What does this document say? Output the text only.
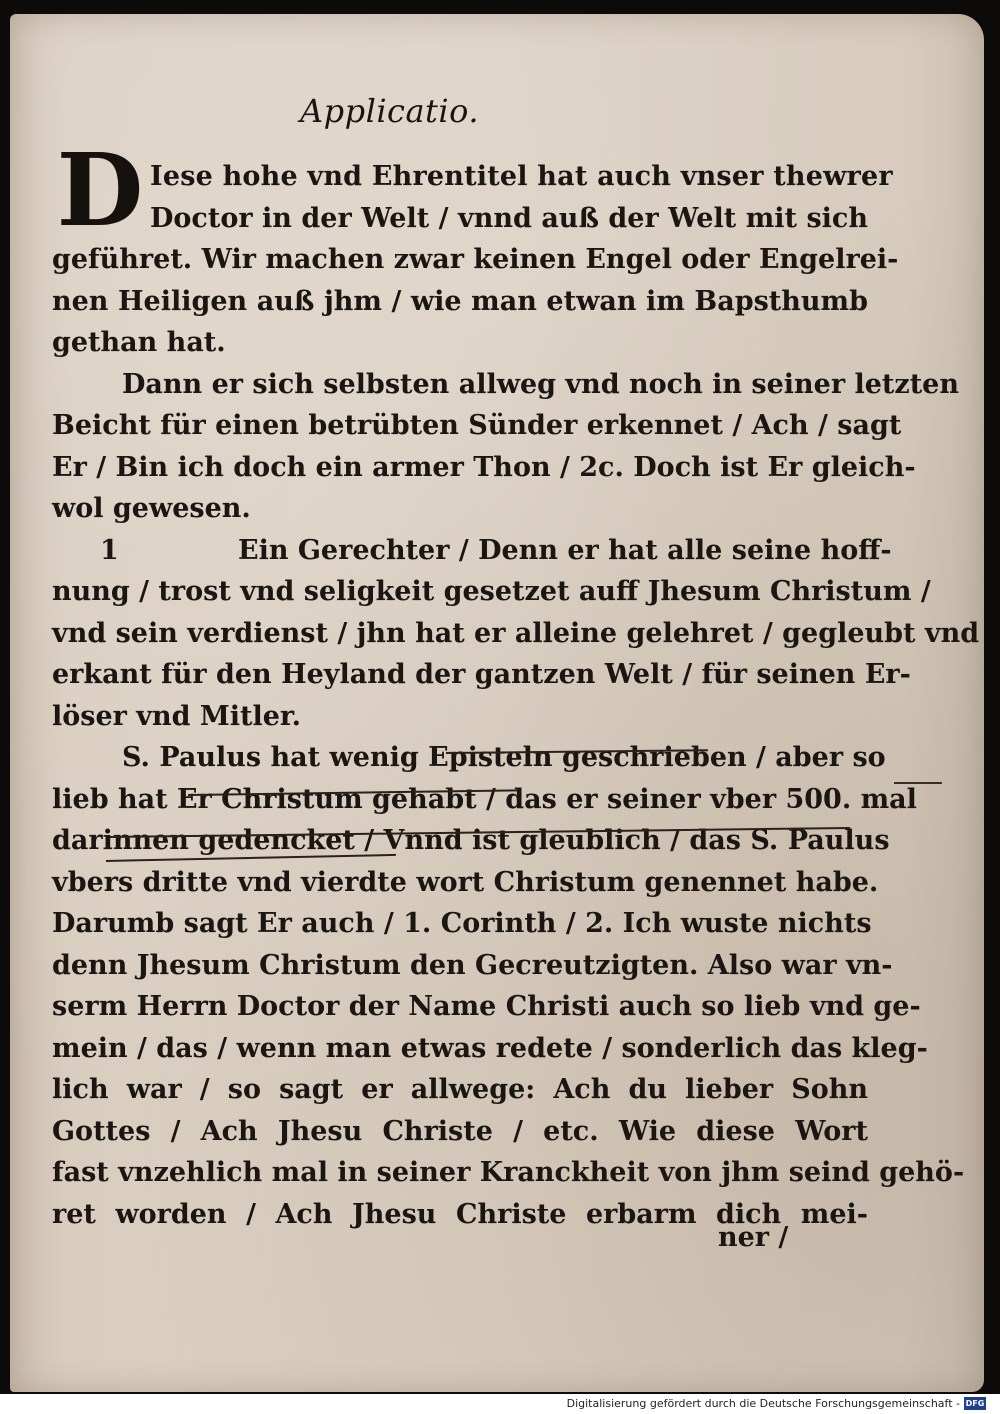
Applicatio.
D Iese hohe vnd Ehrentitel hat auch vnser thewrer
Doctor in der Welt / vnnd auß der Welt mit sich
geführet. Wir machen zwar keinen Engel oder Engelrei-
nen Heiligen auß jhm / wie man etwan im Bapsthumb
gethan hat.
Dann er sich selbsten allweg vnd noch in seiner letzten
Beicht für einen betrübten Sünder erkennet / Ach / sagt
Er / Bin ich doch ein armer Thon / 2c. Doch ist Er gleich-
wol gewesen.
1	Ein Gerechter / Denn er hat alle seine hoff-
nung / trost vnd seligkeit gesetzet auff Jhesum Christum /
vnd sein verdienst / jhn hat er alleine gelehret / gegleubt vnd
erkant für den Heyland der gantzen Welt / für seinen Er-
löser vnd Mitler.
S. Paulus hat wenig Episteln geschrieben / aber so
lieb hat Er Christum gehabt / das er seiner vber 500. mal
darinnen gedencket / Vnnd ist gleublich / das S. Paulus
vbers dritte vnd vierdte wort Christum genennet habe.
Darumb sagt Er auch / 1. Corinth / 2. Ich wuste nichts
denn Jhesum Christum den Gecreutzigten. Also war vn-
serm Herrn Doctor der Name Christi auch so lieb vnd ge-
mein / das / wenn man etwas redete / sonderlich das kleg-
lich war / so sagt er allwege: Ach du lieber Sohn
Gottes / Ach Jhesu Christe / etc. Wie diese Wort
fast vnzehlich mal in seiner Kranckheit von jhm seind gehö-
ret worden / Ach Jhesu Christe erbarm dich mei-
ner /
Digitalisierung gefördert durch die Deutsche Forschungsgemeinschaft - DFG
